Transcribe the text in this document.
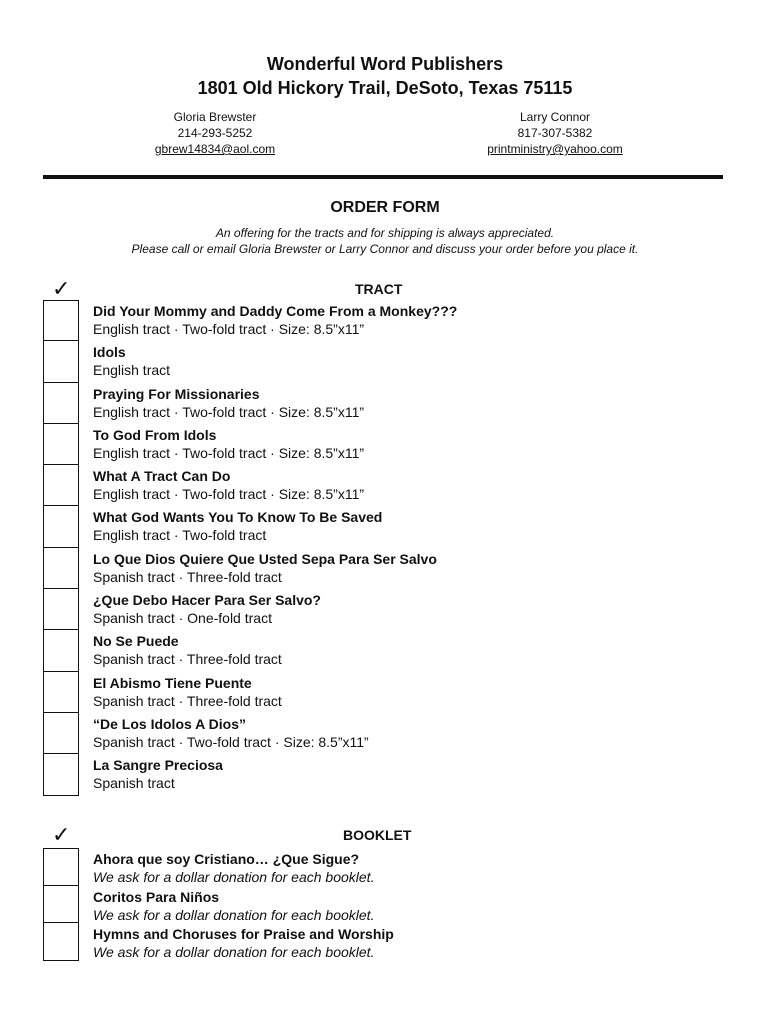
Wonderful Word Publishers
1801 Old Hickory Trail, DeSoto, Texas 75115
Gloria Brewster
214-293-5252
gbrew14834@aol.com
Larry Connor
817-307-5382
printministry@yahoo.com
ORDER FORM
An offering for the tracts and for shipping is always appreciated.
Please call or email Gloria Brewster or Larry Connor and discuss your order before you place it.
✓	TRACT
Did Your Mommy and Daddy Come From a Monkey???
English tract · Two-fold tract · Size: 8.5”x11”
Idols
English tract
Praying For Missionaries
English tract · Two-fold tract · Size: 8.5”x11”
To God From Idols
English tract · Two-fold tract · Size: 8.5”x11”
What A Tract Can Do
English tract · Two-fold tract · Size: 8.5”x11”
What God Wants You To Know To Be Saved
English tract · Two-fold tract
Lo Que Dios Quiere Que Usted Sepa Para Ser Salvo
Spanish tract · Three-fold tract
¿Que Debo Hacer Para Ser Salvo?
Spanish tract · One-fold tract
No Se Puede
Spanish tract · Three-fold tract
El Abismo Tiene Puente
Spanish tract · Three-fold tract
“De Los Idolos A Dios”
Spanish tract · Two-fold tract · Size: 8.5”x11”
La Sangre Preciosa
Spanish tract
✓	BOOKLET
Ahora que soy Cristiano… ¿Que Sigue?
We ask for a dollar donation for each booklet.
Coritos Para Niños
We ask for a dollar donation for each booklet.
Hymns and Choruses for Praise and Worship
We ask for a dollar donation for each booklet.
